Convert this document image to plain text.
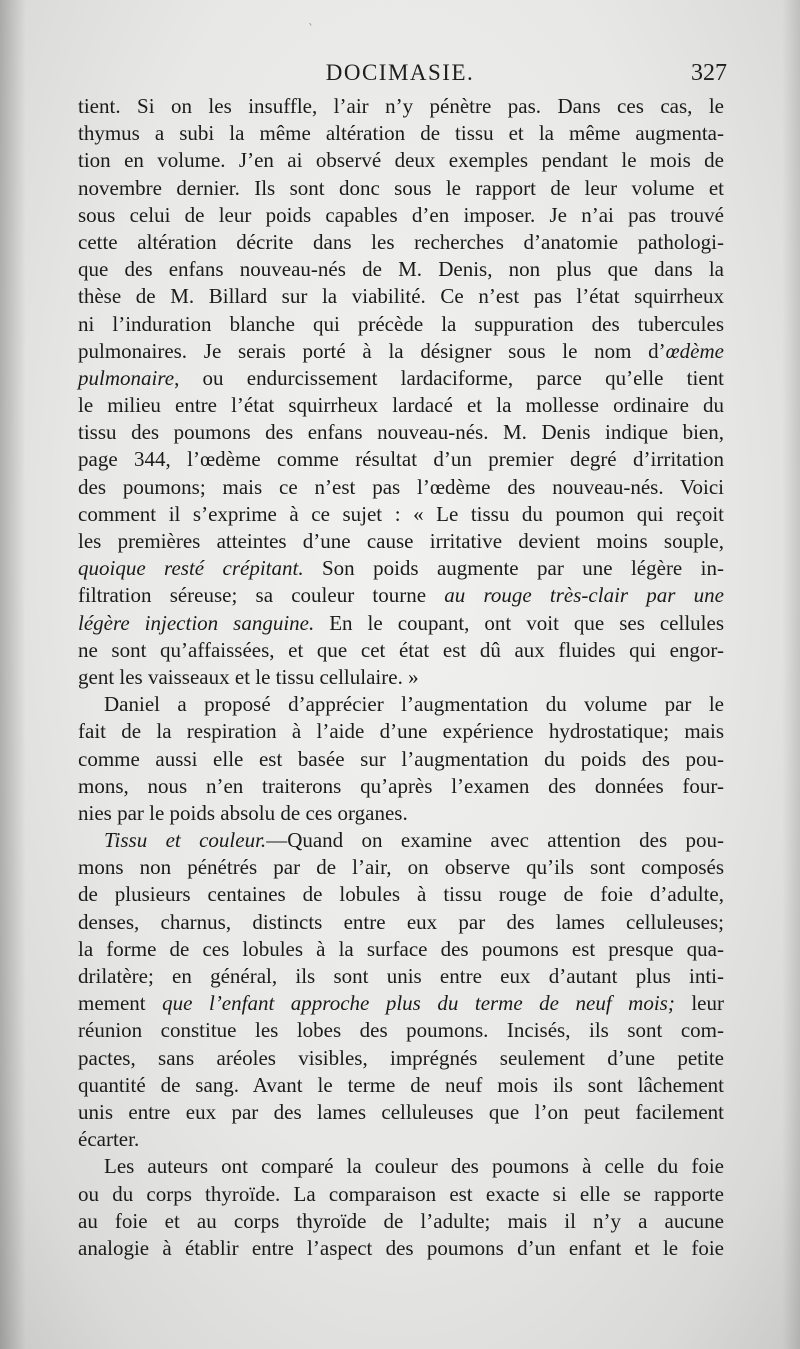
ˋ
DOCIMASIE.	327
tient. Si on les insuffle, l’air n’y pénètre pas. Dans ces cas, le
thymus a subi la même altération de tissu et la même augmenta-
tion en volume. J’en ai observé deux exemples pendant le mois de
novembre dernier. Ils sont donc sous le rapport de leur volume et
sous celui de leur poids capables d’en imposer. Je n’ai pas trouvé
cette altération décrite dans les recherches d’anatomie pathologi-
que des enfans nouveau-nés de M. Denis, non plus que dans la
thèse de M. Billard sur la viabilité. Ce n’est pas l’état squirrheux
ni l’induration blanche qui précède la suppuration des tubercules
pulmonaires. Je serais porté à la désigner sous le nom d’œdème
pulmonaire, ou endurcissement lardaciforme, parce qu’elle tient
le milieu entre l’état squirrheux lardacé et la mollesse ordinaire du
tissu des poumons des enfans nouveau-nés. M. Denis indique bien,
page 344, l’œdème comme résultat d’un premier degré d’irritation
des poumons; mais ce n’est pas l’œdème des nouveau-nés. Voici
comment il s’exprime à ce sujet : « Le tissu du poumon qui reçoit
les premières atteintes d’une cause irritative devient moins souple,
quoique resté crépitant. Son poids augmente par une légère in-
filtration séreuse; sa couleur tourne au rouge très-clair par une
légère injection sanguine. En le coupant, ont voit que ses cellules
ne sont qu’affaissées, et que cet état est dû aux fluides qui engor-
gent les vaisseaux et le tissu cellulaire. »
Daniel a proposé d’apprécier l’augmentation du volume par le
fait de la respiration à l’aide d’une expérience hydrostatique; mais
comme aussi elle est basée sur l’augmentation du poids des pou-
mons, nous n’en traiterons qu’après l’examen des données four-
nies par le poids absolu de ces organes.
Tissu et couleur.—Quand on examine avec attention des pou-
mons non pénétrés par de l’air, on observe qu’ils sont composés
de plusieurs centaines de lobules à tissu rouge de foie d’adulte,
denses, charnus, distincts entre eux par des lames celluleuses;
la forme de ces lobules à la surface des poumons est presque qua-
drilatère; en général, ils sont unis entre eux d’autant plus inti-
mement que l’enfant approche plus du terme de neuf mois; leur
réunion constitue les lobes des poumons. Incisés, ils sont com-
pactes, sans aréoles visibles, imprégnés seulement d’une petite
quantité de sang. Avant le terme de neuf mois ils sont lâchement
unis entre eux par des lames celluleuses que l’on peut facilement
écarter.
Les auteurs ont comparé la couleur des poumons à celle du foie
ou du corps thyroïde. La comparaison est exacte si elle se rapporte
au foie et au corps thyroïde de l’adulte; mais il n’y a aucune
analogie à établir entre l’aspect des poumons d’un enfant et le foie
